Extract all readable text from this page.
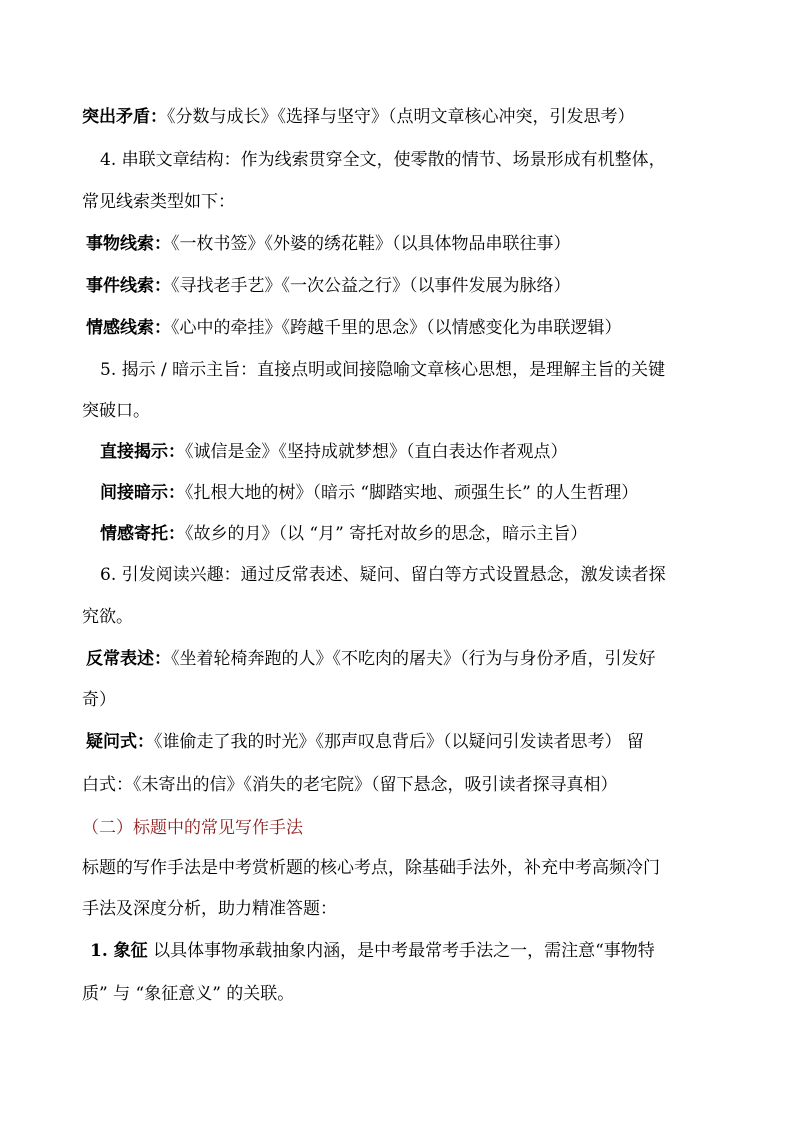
突出矛盾：《分数与成长》《选择与坚守》（点明文章核心冲突，引发思考）
4. 串联文章结构：作为线索贯穿全文，使零散的情节、场景形成有机整体，
常见线索类型如下：
事物线索：《一枚书签》《外婆的绣花鞋》（以具体物品串联往事）
事件线索：《寻找老手艺》《一次公益之行》（以事件发展为脉络）
情感线索：《心中的牵挂》《跨越千里的思念》（以情感变化为串联逻辑）
5. 揭示 / 暗示主旨：直接点明或间接隐喻文章核心思想，是理解主旨的关键
突破口。
直接揭示：《诚信是金》《坚持成就梦想》（直白表达作者观点）
间接暗示：《扎根大地的树》（暗示 “脚踏实地、顽强生长” 的人生哲理）
情感寄托：《故乡的月》（以 “月” 寄托对故乡的思念，暗示主旨）
6. 引发阅读兴趣：通过反常表述、疑问、留白等方式设置悬念，激发读者探
究欲。
反常表述：《坐着轮椅奔跑的人》《不吃肉的屠夫》（行为与身份矛盾，引发好
奇）
疑问式：《谁偷走了我的时光》《那声叹息背后》（以疑问引发读者思考） 留
白式：《未寄出的信》《消失的老宅院》（留下悬念，吸引读者探寻真相）
（二）标题中的常见写作手法
标题的写作手法是中考赏析题的核心考点，除基础手法外，补充中考高频冷门
手法及深度分析，助力精准答题：
1. 象征 以具体事物承载抽象内涵，是中考最常考手法之一，需注意“事物特
质” 与 “象征意义” 的关联。
